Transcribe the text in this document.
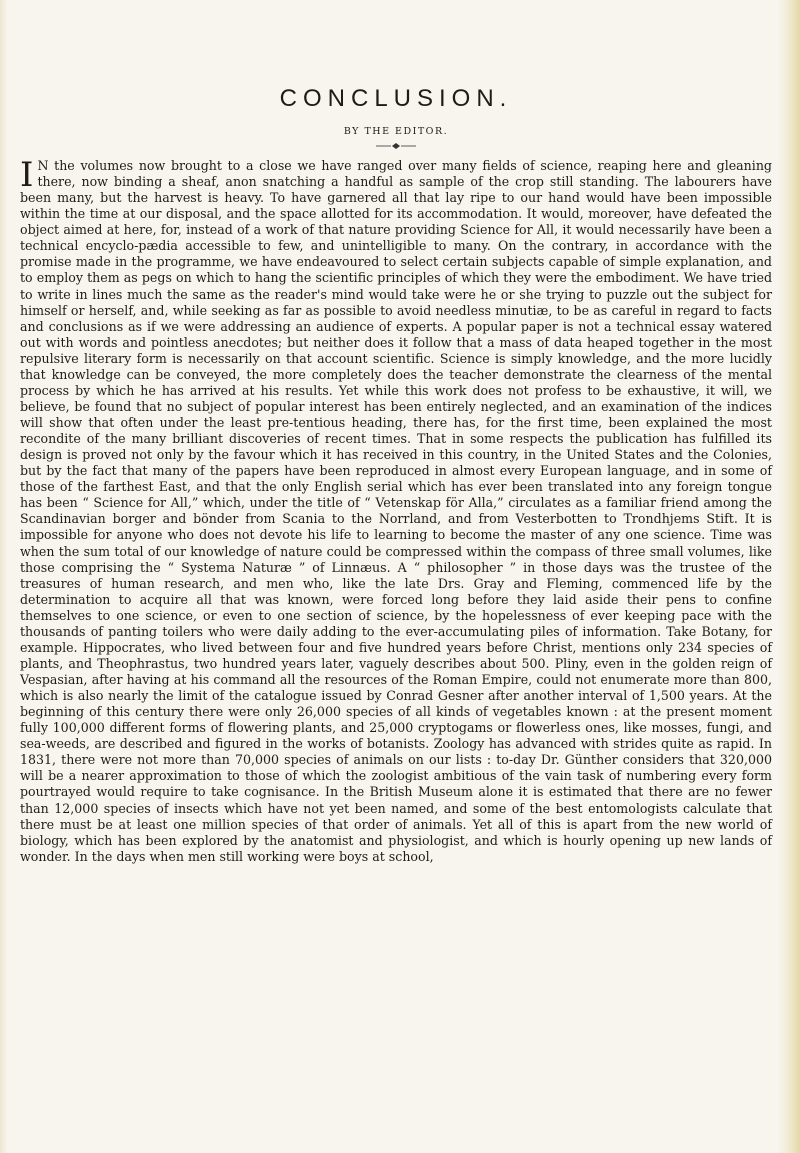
CONCLUSION.
BY THE EDITOR.

I N the volumes now brought to a close we have ranged over many fields of science, reaping here and gleaning there, now binding a sheaf, anon snatching a handful as sample of the crop still standing. The labourers have been many, but the harvest is heavy. To have garnered all that lay ripe to our hand would have been impossible within the time at our disposal, and the space allotted for its accommodation. It would, moreover, have defeated the object aimed at here, for, instead of a work of that nature providing Science for All, it would necessarily have been a technical encyclo-pædia accessible to few, and unintelligible to many. On the contrary, in accordance with the promise made in the programme, we have endeavoured to select certain subjects capable of simple explanation, and to employ them as pegs on which to hang the scientific principles of which they were the embodiment. We have tried to write in lines much the same as the reader's mind would take were he or she trying to puzzle out the subject for himself or herself, and, while seeking as far as possible to avoid needless minutiæ, to be as careful in regard to facts and conclusions as if we were addressing an audience of experts. A popular paper is not a technical essay watered out with words and pointless anecdotes; but neither does it follow that a mass of data heaped together in the most repulsive literary form is necessarily on that account scientific. Science is simply knowledge, and the more lucidly that knowledge can be conveyed, the more completely does the teacher demonstrate the clearness of the mental process by which he has arrived at his results. Yet while this work does not profess to be exhaustive, it will, we believe, be found that no subject of popular interest has been entirely neglected, and an examination of the indices will show that often under the least pre-tentious heading, there has, for the first time, been explained the most recondite of the many brilliant discoveries of recent times. That in some respects the publication has fulfilled its design is proved not only by the favour which it has received in this country, in the United States and the Colonies, but by the fact that many of the papers have been reproduced in almost every European language, and in some of those of the farthest East, and that the only English serial which has ever been translated into any foreign tongue has been “ Science for All,” which, under the title of “ Vetenskap för Alla,” circulates as a familiar friend among the Scandinavian borger and bönder from Scania to the Norrland, and from Vesterbotten to Trondhjems Stift. It is impossible for anyone who does not devote his life to learning to become the master of any one science. Time was when the sum total of our knowledge of nature could be compressed within the compass of three small volumes, like those comprising the “ Systema Naturæ ” of Linnæus. A “ philosopher ” in those days was the trustee of the treasures of human research, and men who, like the late Drs. Gray and Fleming, commenced life by the determination to acquire all that was known, were forced long before they laid aside their pens to confine themselves to one science, or even to one section of science, by the hopelessness of ever keeping pace with the thousands of panting toilers who were daily adding to the ever-accumulating piles of information. Take Botany, for example. Hippocrates, who lived between four and five hundred years before Christ, mentions only 234 species of plants, and Theophrastus, two hundred years later, vaguely describes about 500. Pliny, even in the golden reign of Vespasian, after having at his command all the resources of the Roman Empire, could not enumerate more than 800, which is also nearly the limit of the catalogue issued by Conrad Gesner after another interval of 1,500 years. At the beginning of this century there were only 26,000 species of all kinds of vegetables known : at the present moment fully 100,000 different forms of flowering plants, and 25,000 cryptogams or flowerless ones, like mosses, fungi, and sea-weeds, are described and figured in the works of botanists. Zoology has advanced with strides quite as rapid. In 1831, there were not more than 70,000 species of animals on our lists : to-day Dr. Günther considers that 320,000 will be a nearer approximation to those of which the zoologist ambitious of the vain task of numbering every form pourtrayed would require to take cognisance. In the British Museum alone it is estimated that there are no fewer than 12,000 species of insects which have not yet been named, and some of the best entomologists calculate that there must be at least one million species of that order of animals. Yet all of this is apart from the new world of biology, which has been explored by the anatomist and physiologist, and which is hourly opening up new lands of wonder. In the days when men still working were boys at school,
